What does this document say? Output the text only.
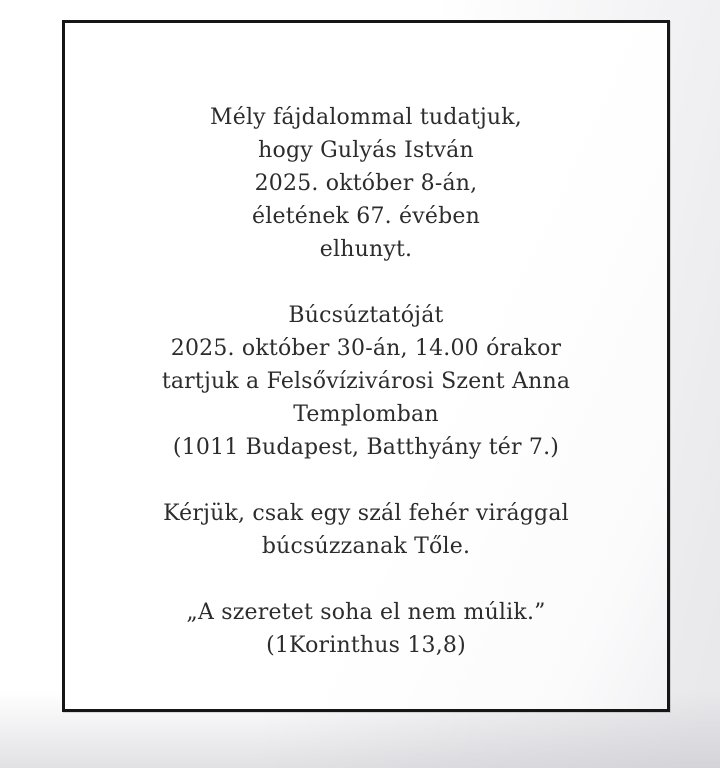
Mély fájdalommal tudatjuk,
hogy Gulyás István
2025. október 8-án,
életének 67. évében
elhunyt.

Búcsúztatóját
2025. október 30-án, 14.00 órakor
tartjuk a Felsővízivárosi Szent Anna
Templomban
(1011 Budapest, Batthyány tér 7.)

Kérjük, csak egy szál fehér virággal
búcsúzzanak Tőle.

„A szeretet soha el nem múlik.”
(1Korinthus 13,8)
